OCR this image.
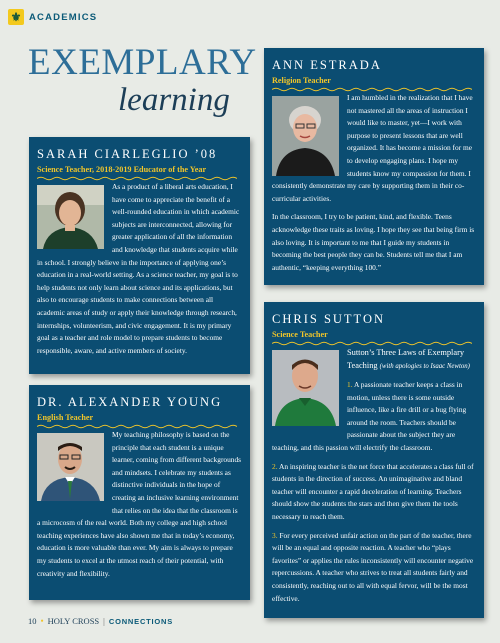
⚜ ACADEMICS
EXEMPLARY
learning
SARAH CIARLEGLIO ’08
Science Teacher, 2018-2019 Educator of the Year

As a product of a liberal arts education, I have come to appreciate the benefit of a well-rounded education in which academic subjects are interconnected, allowing for greater application of all the information and knowledge that students acquire while in school. I strongly believe in the importance of applying one’s education in a real-world setting. As a science teacher, my goal is to help students not only learn about science and its applications, but also to encourage students to make connections between all academic areas of study or apply their knowledge through research, internships, volunteerism, and civic engagement. It is my primary goal as a teacher and role model to prepare students to become responsible, aware, and active members of society.

DR. ALEXANDER YOUNG
English Teacher

My teaching philosophy is based on the principle that each student is a unique learner, coming from different backgrounds and mindsets. I celebrate my students as distinctive individuals in the hope of creating an inclusive learning environment that relies on the idea that the classroom is a microcosm of the real world. Both my college and high school teaching experiences have also shown me that in today’s economy, education is more valuable than ever. My aim is always to prepare my students to excel at the utmost reach of their potential, with creativity and flexibility.

ANN ESTRADA
Religion Teacher

I am humbled in the realization that I have not mastered all the areas of instruction I would like to master, yet—I work with purpose to present lessons that are well organized. It has become a mission for me to develop engaging plans. I hope my students know my compassion for them. I consistently demonstrate my care by supporting them in their co-curricular activities.

In the classroom, I try to be patient, kind, and flexible. Teens acknowledge these traits as loving. I hope they see that being firm is also loving. It is important to me that I guide my students in becoming the best people they can be. Students tell me that I am authentic, “keeping everything 100.”

CHRIS SUTTON
Science Teacher

Sutton’s Three Laws of Exemplary Teaching (with apologies to Isaac Newton)

1. A passionate teacher keeps a class in motion, unless there is some outside influence, like a fire drill or a bug flying around the room. Teachers should be passionate about the subject they are teaching, and this passion will electrify the classroom.

2. An inspiring teacher is the net force that accelerates a class full of students in the direction of success. An unimaginative and bland teacher will encounter a rapid deceleration of learning. Teachers should show the students the stars and then give them the tools necessary to reach them.

3. For every perceived unfair action on the part of the teacher, there will be an equal and opposite reaction. A teacher who “plays favorites” or applies the rules inconsistently will encounter negative repercussions. A teacher who strives to treat all students fairly and consistently, reaching out to all with equal fervor, will be the most effective.

10 • HOLY CROSS | CONNECTIONS
